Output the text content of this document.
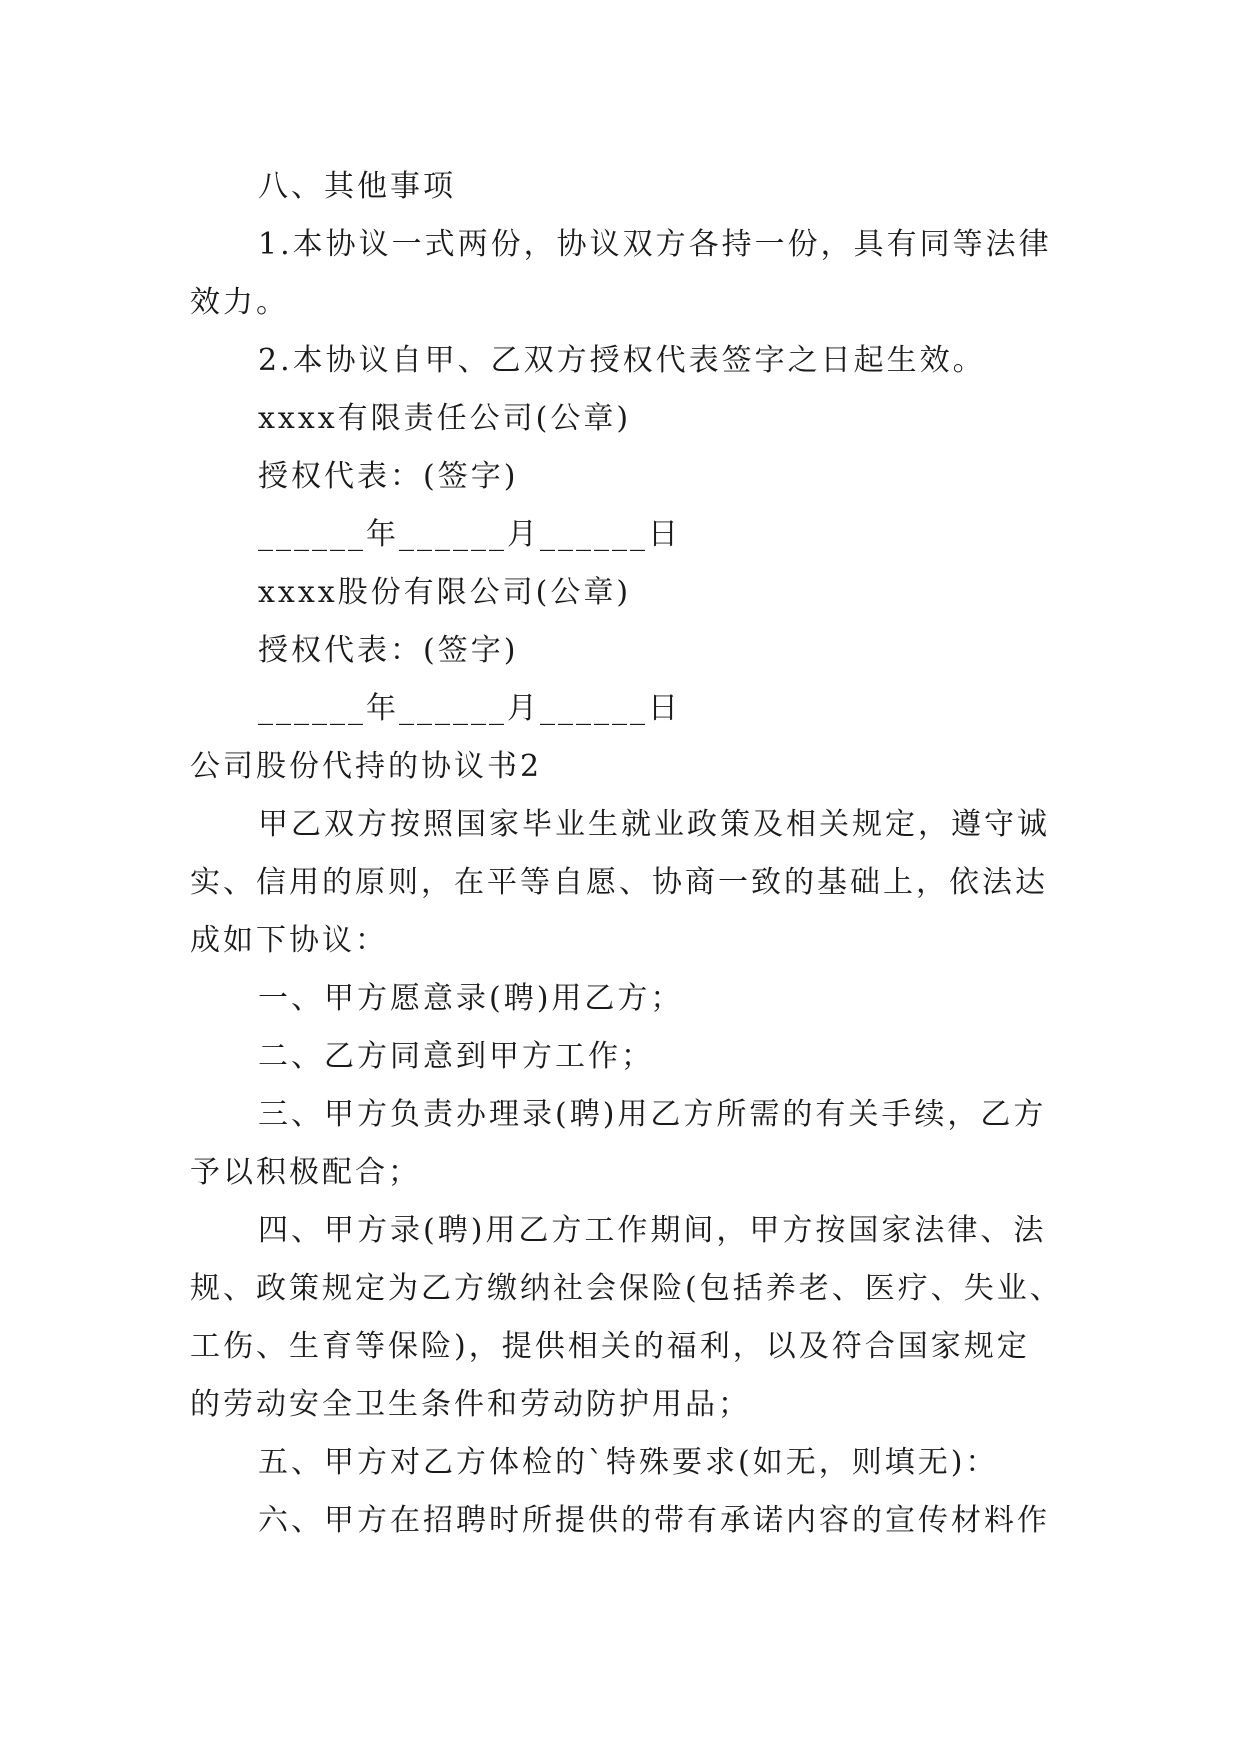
八、其他事项

1.本协议一式两份，协议双方各持一份，具有同等法律

效力。

2.本协议自甲、乙双方授权代表签字之日起生效。

xxxx有限责任公司(公章)

授权代表：(签字)

______年______月______日

xxxx股份有限公司(公章)

授权代表：(签字)

______年______月______日

公司股份代持的协议书2

甲乙双方按照国家毕业生就业政策及相关规定，遵守诚

实、信用的原则，在平等自愿、协商一致的基础上，依法达

成如下协议：

一、甲方愿意录(聘)用乙方；

二、乙方同意到甲方工作；

三、甲方负责办理录(聘)用乙方所需的有关手续，乙方

予以积极配合；

四、甲方录(聘)用乙方工作期间，甲方按国家法律、法

规、政策规定为乙方缴纳社会保险(包括养老、医疗、失业、

工伤、生育等保险)，提供相关的福利，以及符合国家规定

的劳动安全卫生条件和劳动防护用品；

五、甲方对乙方体检的`特殊要求(如无，则填无)：

六、甲方在招聘时所提供的带有承诺内容的宣传材料作
